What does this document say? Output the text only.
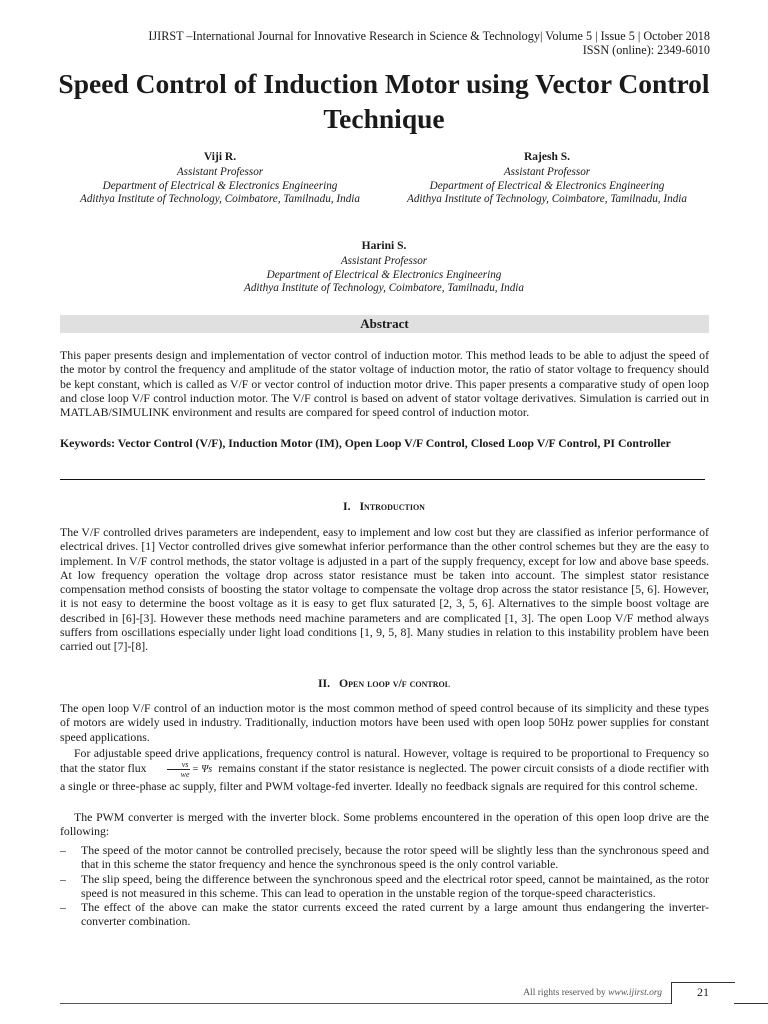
IJIRST –International Journal for Innovative Research in Science & Technology| Volume 5 | Issue 5 | October 2018
ISSN (online): 2349-6010
Speed Control of Induction Motor using Vector Control Technique
Viji R.
Assistant Professor
Department of Electrical & Electronics Engineering
Adithya Institute of Technology, Coimbatore, Tamilnadu, India
Rajesh S.
Assistant Professor
Department of Electrical & Electronics Engineering
Adithya Institute of Technology, Coimbatore, Tamilnadu, India
Harini S.
Assistant Professor
Department of Electrical & Electronics Engineering
Adithya Institute of Technology, Coimbatore, Tamilnadu, India
Abstract
This paper presents design and implementation of vector control of induction motor. This method leads to be able to adjust the speed of the motor by control the frequency and amplitude of the stator voltage of induction motor, the ratio of stator voltage to frequency should be kept constant, which is called as V/F or vector control of induction motor drive. This paper presents a comparative study of open loop and close loop V/F control induction motor. The V/F control is based on advent of stator voltage derivatives. Simulation is carried out in MATLAB/SIMULINK environment and results are compared for speed control of induction motor.
Keywords: Vector Control (V/F), Induction Motor (IM), Open Loop V/F Control, Closed Loop V/F Control, PI Controller
I. Introduction
The V/F controlled drives parameters are independent, easy to implement and low cost but they are classified as inferior performance of electrical drives. [1] Vector controlled drives give somewhat inferior performance than the other control schemes but they are the easy to implement. In V/F control methods, the stator voltage is adjusted in a part of the supply frequency, except for low and above base speeds. At low frequency operation the voltage drop across stator resistance must be taken into account. The simplest stator resistance compensation method consists of boosting the stator voltage to compensate the voltage drop across the stator resistance [5, 6]. However, it is not easy to determine the boost voltage as it is easy to get flux saturated [2, 3, 5, 6]. Alternatives to the simple boost voltage are described in [6]-[3]. However these methods need machine parameters and are complicated [1, 3]. The open Loop V/F method always suffers from oscillations especially under light load conditions [1, 9, 5, 8]. Many studies in relation to this instability problem have been carried out [7]-[8].
II. Open loop v/f control
The open loop V/F control of an induction motor is the most common method of speed control because of its simplicity and these types of motors are widely used in industry. Traditionally, induction motors have been used with open loop 50Hz power supplies for constant speed applications.
For adjustable speed drive applications, frequency control is natural. However, voltage is required to be proportional to Frequency so that the stator flux	$\frac{vs}{we} = \Psi s$ remains constant if the stator resistance is neglected. The power circuit consists of a diode rectifier with a single or three-phase ac supply, filter and PWM voltage-fed inverter. Ideally no feedback signals are required for this control scheme.
The PWM converter is merged with the inverter block. Some problems encountered in the operation of this open loop drive are the following:
– The speed of the motor cannot be controlled precisely, because the rotor speed will be slightly less than the synchronous speed and that in this scheme the stator frequency and hence the synchronous speed is the only control variable.
– The slip speed, being the difference between the synchronous speed and the electrical rotor speed, cannot be maintained, as the rotor speed is not measured in this scheme. This can lead to operation in the unstable region of the torque-speed characteristics.
– The effect of the above can make the stator currents exceed the rated current by a large amount thus endangering the inverter-converter combination.
All rights reserved by www.ijirst.org	21
